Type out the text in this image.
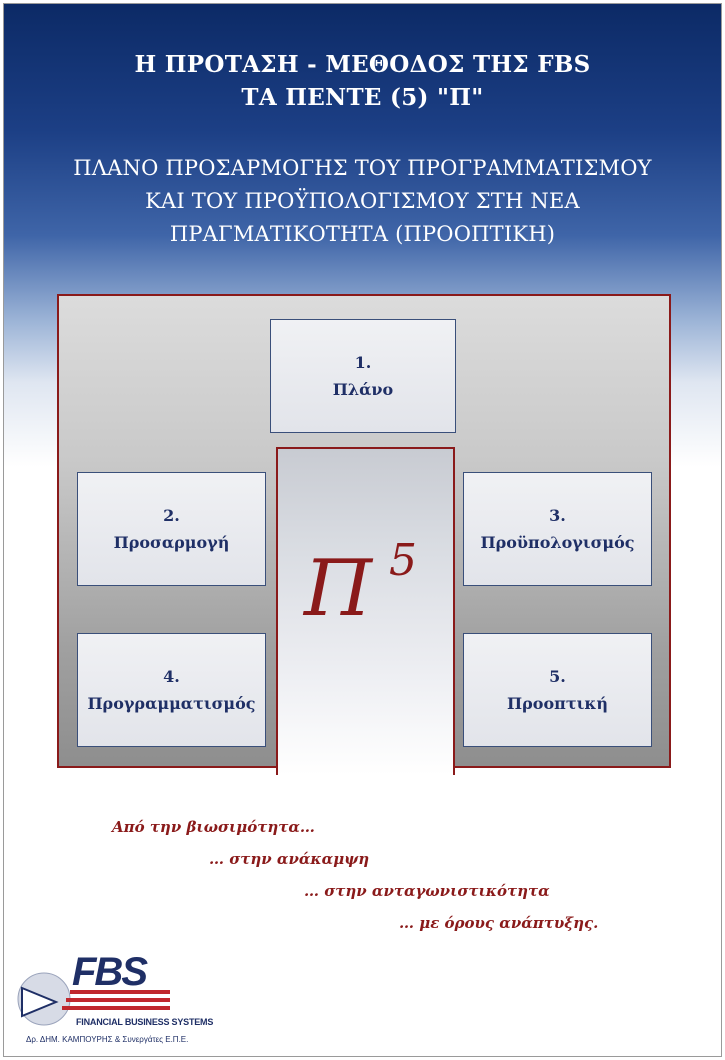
Η ΠΡΟΤΑΣΗ - ΜΕΘΟΔΟΣ ΤΗΣ FBS
ΤΑ ΠΕΝΤΕ (5) "Π"
ΠΛΑΝΟ ΠΡΟΣΑΡΜΟΓΗΣ ΤΟΥ ΠΡΟΓΡΑΜΜΑΤΙΣΜΟΥ
ΚΑΙ ΤΟΥ ΠΡΟΫΠΟΛΟΓΙΣΜΟΥ ΣΤΗ ΝΕΑ
ΠΡΑΓΜΑΤΙΚΟΤΗΤΑ (ΠΡΟΟΠΤΙΚΗ)
1.
Πλάνο
2.
Προσαρμογή
3.
Προϋπολογισμός
4.
Προγραμματισμός
5.
Προοπτική
Π 5
Από την βιωσιμότητα…
… στην ανάκαμψη
… στην ανταγωνιστικότητα
… με όρους ανάπτυξης.
FBS
FINANCIAL BUSINESS SYSTEMS
Δρ. ΔΗΜ. ΚΑΜΠΟΥΡΗΣ & Συνεργάτες Ε.Π.Ε.
